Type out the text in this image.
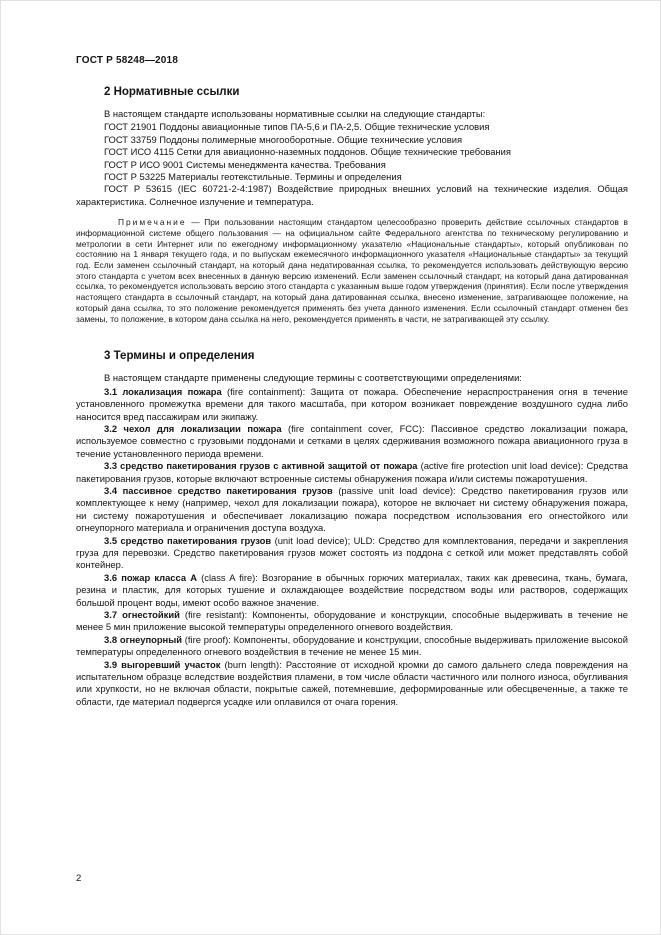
ГОСТ Р 58248—2018
2 Нормативные ссылки

В настоящем стандарте использованы нормативные ссылки на следующие стандарты:

ГОСТ 21901 Поддоны авиационные типов ПА-5,6 и ПА-2,5. Общие технические условия

ГОСТ 33759 Поддоны полимерные многооборотные. Общие технические условия

ГОСТ ИСО 4115 Сетки для авиационно-наземных поддонов. Общие технические требования

ГОСТ Р ИСО 9001 Системы менеджмента качества. Требования

ГОСТ Р 53225 Материалы геотекстильные. Термины и определения

ГОСТ Р 53615 (IEC 60721-2-4:1987) Воздействие природных внешних условий на технические изделия. Общая характеристика. Солнечное излучение и температура.

Примечание — При пользовании настоящим стандартом целесообразно проверить действие ссылочных стандартов в информационной системе общего пользования — на официальном сайте Федерального агентства по техническому регулированию и метрологии в сети Интернет или по ежегодному информационному указателю «Национальные стандарты», который опубликован по состоянию на 1 января текущего года, и по выпускам ежемесячного информационного указателя «Национальные стандарты» за текущий год. Если заменен ссылочный стандарт, на который дана недатированная ссылка, то рекомендуется использовать действующую версию этого стандарта с учетом всех внесенных в данную версию изменений. Если заменен ссылочный стандарт, на который дана датированная ссылка, то рекомендуется использовать версию этого стандарта с указанным выше годом утверждения (принятия). Если после утверждения настоящего стандарта в ссылочный стандарт, на который дана датированная ссылка, внесено изменение, затрагивающее положение, на который дана ссылка, то это положение рекомендуется применять без учета данного изменения. Если ссылочный стандарт отменен без замены, то положение, в котором дана ссылка на него, рекомендуется применять в части, не затрагивающей эту ссылку.

3 Термины и определения

В настоящем стандарте применены следующие термины с соответствующими определениями:

3.1 локализация пожара (fire containment): Защита от пожара. Обеспечение нераспространения огня в течение установленного промежутка времени для такого масштаба, при котором возникает повреждение воздушного судна либо наносится вред пассажирам или экипажу.

3.2 чехол для локализации пожара (fire containment cover, FCC): Пассивное средство локализации пожара, используемое совместно с грузовыми поддонами и сетками в целях сдерживания возможного пожара авиационного груза в течение установленного периода времени.

3.3 средство пакетирования грузов с активной защитой от пожара (active fire protection unit load device): Средства пакетирования грузов, которые включают встроенные системы обнаружения пожара и/или системы пожаротушения.

3.4 пассивное средство пакетирования грузов (passive unit load device): Средство пакетирования грузов или комплектующее к нему (например, чехол для локализации пожара), которое не включает ни систему обнаружения пожара, ни систему пожаротушения и обеспечивает локализацию пожара посредством использования его огнестойкого или огнеупорного материала и ограничения доступа воздуха.

3.5 средство пакетирования грузов (unit load device); ULD: Средство для комплектования, передачи и закрепления груза для перевозки. Средство пакетирования грузов может состоять из поддона с сеткой или может представлять собой контейнер.

3.6 пожар класса А (class A fire): Возгорание в обычных горючих материалах, таких как древесина, ткань, бумага, резина и пластик, для которых тушение и охлаждающее воздействие посредством воды или растворов, содержащих большой процент воды, имеют особо важное значение.

3.7 огнестойкий (fire resistant): Компоненты, оборудование и конструкции, способные выдерживать в течение не менее 5 мин приложение высокой температуры определенного огневого воздействия.

3.8 огнеупорный (fire proof): Компоненты, оборудование и конструкции, способные выдерживать приложение высокой температуры определенного огневого воздействия в течение не менее 15 мин.

3.9 выгоревший участок (burn length): Расстояние от исходной кромки до самого дальнего следа повреждения на испытательном образце вследствие воздействия пламени, в том числе области частичного или полного износа, обугливания или хрупкости, но не включая области, покрытые сажей, потемневшие, деформированные или обесцвеченные, а также те области, где материал подвергся усадке или оплавился от очага горения.

2
